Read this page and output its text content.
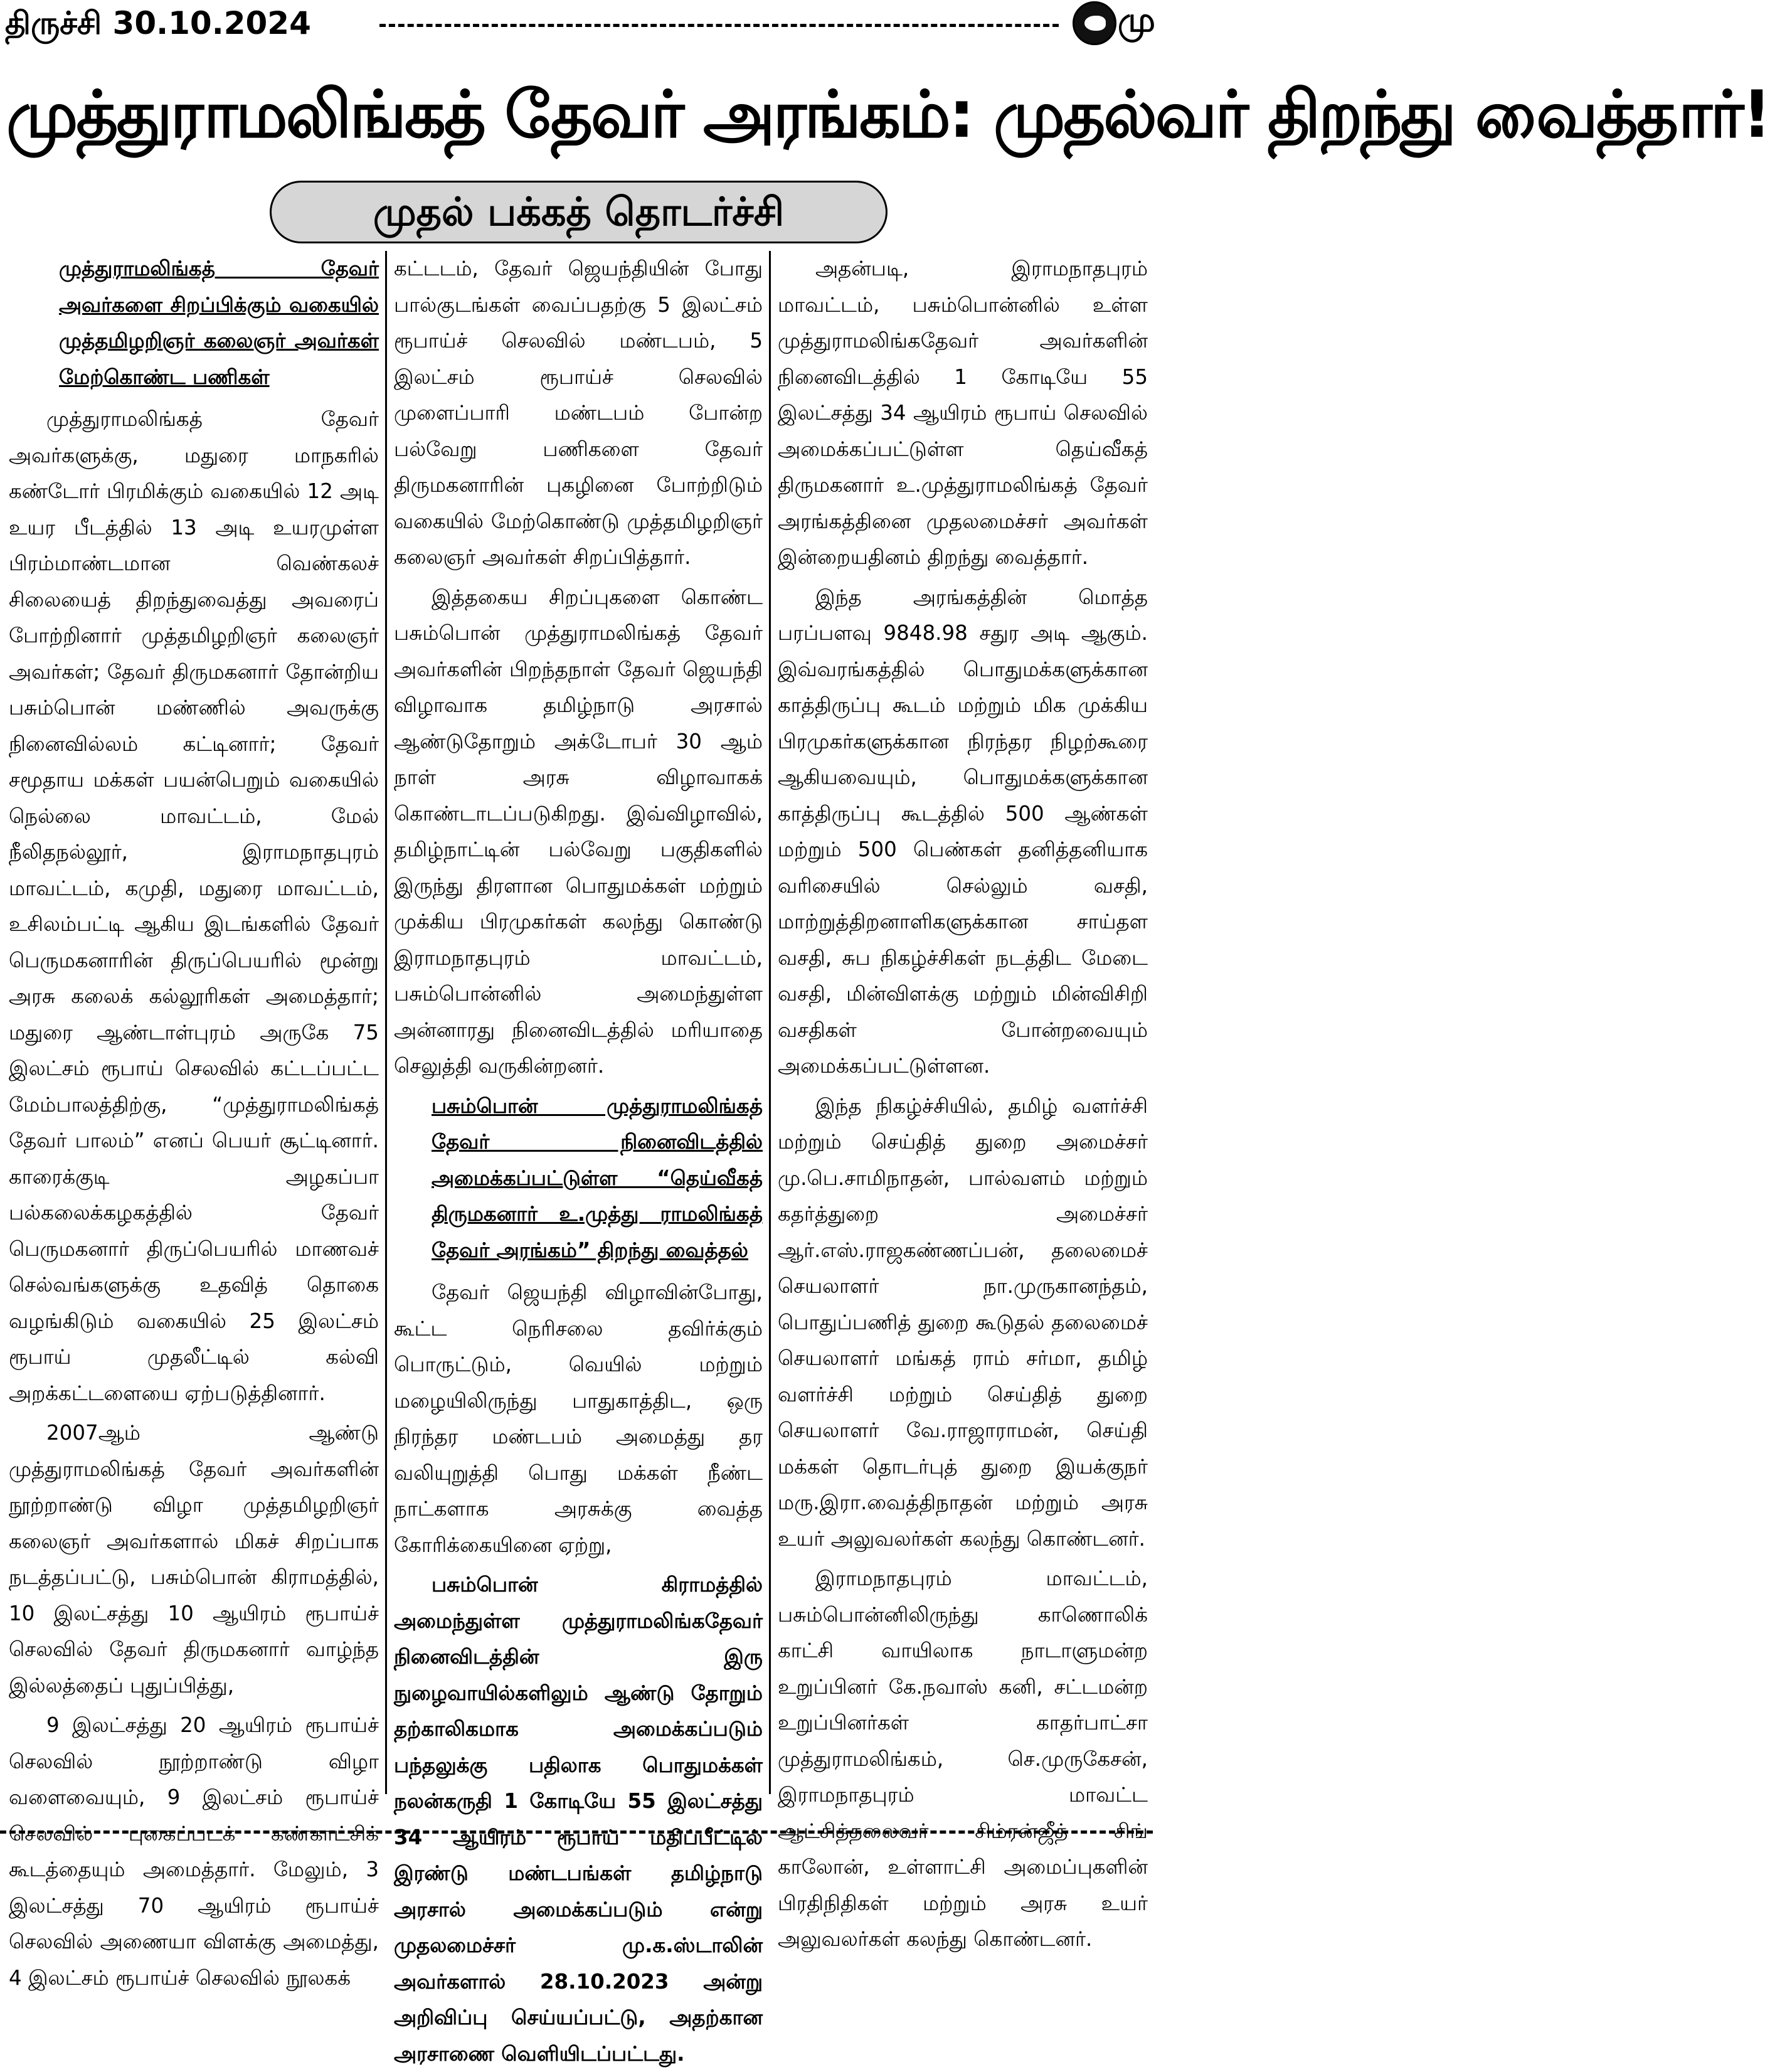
திருச்சி 30.10.2024	மு
முத்துராமலிங்கத் தேவர் அரங்கம்: முதல்வர் திறந்து வைத்தார்!
முதல் பக்கத் தொடர்ச்சி

முத்துராமலிங்கத் தேவர் அவர்களை சிறப்பிக்கும் வகையில் முத்தமிழறிஞர் கலைஞர் அவர்கள் மேற்கொண்ட பணிகள்

முத்துராமலிங்கத் தேவர் அவர்களுக்கு, மதுரை மாநகரில் கண்டோர் பிரமிக்கும் வகையில் 12 அடி உயர பீடத்தில் 13 அடி உயரமுள்ள பிரம்மாண்டமான வெண்கலச் சிலையைத் திறந்துவைத்து அவரைப் போற்றினார் முத்தமிழறிஞர் கலைஞர் அவர்கள்; தேவர் திருமகனார் தோன்றிய பசும்பொன் மண்ணில் அவருக்கு நினைவில்லம் கட்டினார்; தேவர் சமூதாய மக்கள் பயன்பெறும் வகையில் நெல்லை மாவட்டம், மேல் நீலிதநல்லூர், இராமநாதபுரம் மாவட்டம், கமுதி, மதுரை மாவட்டம், உசிலம்பட்டி ஆகிய இடங்களில் தேவர் பெருமகனாரின் திருப்பெயரில் மூன்று அரசு கலைக் கல்லூரிகள் அமைத்தார்; மதுரை ஆண்டாள்புரம் அருகே 75 இலட்சம் ரூபாய் செலவில் கட்டப்பட்ட மேம்பாலத்திற்கு, “முத்துராமலிங்கத் தேவர் பாலம்” எனப் பெயர் சூட்டினார். காரைக்குடி அழகப்பா பல்கலைக்கழகத்தில் தேவர் பெருமகனார் திருப்பெயரில் மாணவச் செல்வங்களுக்கு உதவித் தொகை வழங்கிடும் வகையில் 25 இலட்சம் ரூபாய் முதலீட்டில் கல்வி அறக்கட்டளையை ஏற்படுத்தினார்.

2007ஆம் ஆண்டு முத்துராமலிங்கத் தேவர் அவர்களின் நூற்றாண்டு விழா முத்தமிழறிஞர் கலைஞர் அவர்களால் மிகச் சிறப்பாக நடத்தப்பட்டு, பசும்பொன் கிராமத்தில், 10 இலட்சத்து 10 ஆயிரம் ரூபாய்ச் செலவில் தேவர் திருமகனார் வாழ்ந்த இல்லத்தைப் புதுப்பித்து,

9 இலட்சத்து 20 ஆயிரம் ரூபாய்ச் செலவில் நூற்றாண்டு விழா வளைவையும், 9 இலட்சம் ரூபாய்ச் செலவில் புகைப்படக் கண்காட்சிக் கூடத்தையும் அமைத்தார். மேலும், 3 இலட்சத்து 70 ஆயிரம் ரூபாய்ச் செலவில் அணையா விளக்கு அமைத்து, 4 இலட்சம் ரூபாய்ச் செலவில் நூலகக்

கட்டடம், தேவர் ஜெயந்தியின் போது பால்குடங்கள் வைப்பதற்கு 5 இலட்சம் ரூபாய்ச் செலவில் மண்டபம், 5 இலட்சம் ரூபாய்ச் செலவில் முளைப்பாரி மண்டபம் போன்ற பல்வேறு பணிகளை தேவர் திருமகனாரின் புகழினை போற்றிடும் வகையில் மேற்கொண்டு முத்தமிழறிஞர் கலைஞர் அவர்கள் சிறப்பித்தார்.

இத்தகைய சிறப்புகளை கொண்ட பசும்பொன் முத்துராமலிங்கத் தேவர் அவர்களின் பிறந்தநாள் தேவர் ஜெயந்தி விழாவாக தமிழ்நாடு அரசால் ஆண்டுதோறும் அக்டோபர் 30 ஆம் நாள் அரசு விழாவாகக் கொண்டாடப்படுகிறது. இவ்விழாவில், தமிழ்நாட்டின் பல்வேறு பகுதிகளில் இருந்து திரளான பொதுமக்கள் மற்றும் முக்கிய பிரமுகர்கள் கலந்து கொண்டு இராமநாதபுரம் மாவட்டம், பசும்பொன்னில் அமைந்துள்ள அன்னாரது நினைவிடத்தில் மரியாதை செலுத்தி வருகின்றனர்.

பசும்பொன் முத்துராமலிங்கத் தேவர் நினைவிடத்தில் அமைக்கப்பட்டுள்ள “தெய்வீகத் திருமகனார் உ.முத்து ராமலிங்கத் தேவர் அரங்கம்” திறந்து வைத்தல்

தேவர் ஜெயந்தி விழாவின்போது, கூட்ட நெரிசலை தவிர்க்கும் பொருட்டும், வெயில் மற்றும் மழையிலிருந்து பாதுகாத்திட, ஒரு நிரந்தர மண்டபம் அமைத்து தர வலியுறுத்தி பொது மக்கள் நீண்ட நாட்களாக அரசுக்கு வைத்த கோரிக்கையினை ஏற்று,

பசும்பொன் கிராமத்தில் அமைந்துள்ள முத்துராமலிங்கதேவர் நினைவிடத்தின் இரு நுழைவாயில்களிலும் ஆண்டு தோறும் தற்காலிகமாக அமைக்கப்படும் பந்தலுக்கு பதிலாக பொதுமக்கள் நலன்கருதி 1 கோடியே 55 இலட்சத்து 34 ஆயிரம் ரூபாய் மதிப்பீட்டில் இரண்டு மண்டபங்கள் தமிழ்நாடு அரசால் அமைக்கப்படும் என்று முதலமைச்சர் மு.க.ஸ்டாலின் அவர்களால் 28.10.2023 அன்று அறிவிப்பு செய்யப்பட்டு, அதற்கான அரசாணை வெளியிடப்பட்டது.

அதன்படி, இராமநாதபுரம் மாவட்டம், பசும்பொன்னில் உள்ள முத்துராமலிங்கதேவர் அவர்களின் நினைவிடத்தில் 1 கோடியே 55 இலட்சத்து 34 ஆயிரம் ரூபாய் செலவில் அமைக்கப்பட்டுள்ள தெய்வீகத் திருமகனார் உ.முத்துராமலிங்கத் தேவர் அரங்கத்தினை முதலமைச்சர் அவர்கள் இன்றையதினம் திறந்து வைத்தார்.

இந்த அரங்கத்தின் மொத்த பரப்பளவு 9848.98 சதுர அடி ஆகும். இவ்வரங்கத்தில் பொதுமக்களுக்கான காத்திருப்பு கூடம் மற்றும் மிக முக்கிய பிரமுகர்களுக்கான நிரந்தர நிழற்கூரை ஆகியவையும், பொதுமக்களுக்கான காத்திருப்பு கூடத்தில் 500 ஆண்கள் மற்றும் 500 பெண்கள் தனித்தனியாக வரிசையில் செல்லும் வசதி, மாற்றுத்திறனாளிகளுக்கான சாய்தள வசதி, சுப நிகழ்ச்சிகள் நடத்திட மேடை வசதி, மின்விளக்கு மற்றும் மின்விசிறி வசதிகள் போன்றவையும் அமைக்கப்பட்டுள்ளன.

இந்த நிகழ்ச்சியில், தமிழ் வளர்ச்சி மற்றும் செய்தித் துறை அமைச்சர் மு.பெ.சாமிநாதன், பால்வளம் மற்றும் கதர்த்துறை அமைச்சர் ஆர்.எஸ்.ராஜகண்ணப்பன், தலைமைச் செயலாளர் நா.முருகானந்தம், பொதுப்பணித் துறை கூடுதல் தலைமைச் செயலாளர் மங்கத் ராம் சர்மா, தமிழ் வளர்ச்சி மற்றும் செய்தித் துறை செயலாளர் வே.ராஜாராமன், செய்தி மக்கள் தொடர்புத் துறை இயக்குநர் மரு.இரா.வைத்திநாதன் மற்றும் அரசு உயர் அலுவலர்கள் கலந்து கொண்டனர்.

இராமநாதபுரம் மாவட்டம், பசும்பொன்னிலிருந்து காணொலிக் காட்சி வாயிலாக நாடாளுமன்ற உறுப்பினர் கே.நவாஸ் கனி, சட்டமன்ற உறுப்பினர்கள் காதர்பாட்சா முத்துராமலிங்கம், செ.முருகேசன், இராமநாதபுரம் மாவட்ட ஆட்சித்தலைவர் சிம்ரன்ஜீத் சிங் காலோன், உள்ளாட்சி அமைப்புகளின் பிரதிநிதிகள் மற்றும் அரசு உயர் அலுவலர்கள் கலந்து கொண்டனர்.
